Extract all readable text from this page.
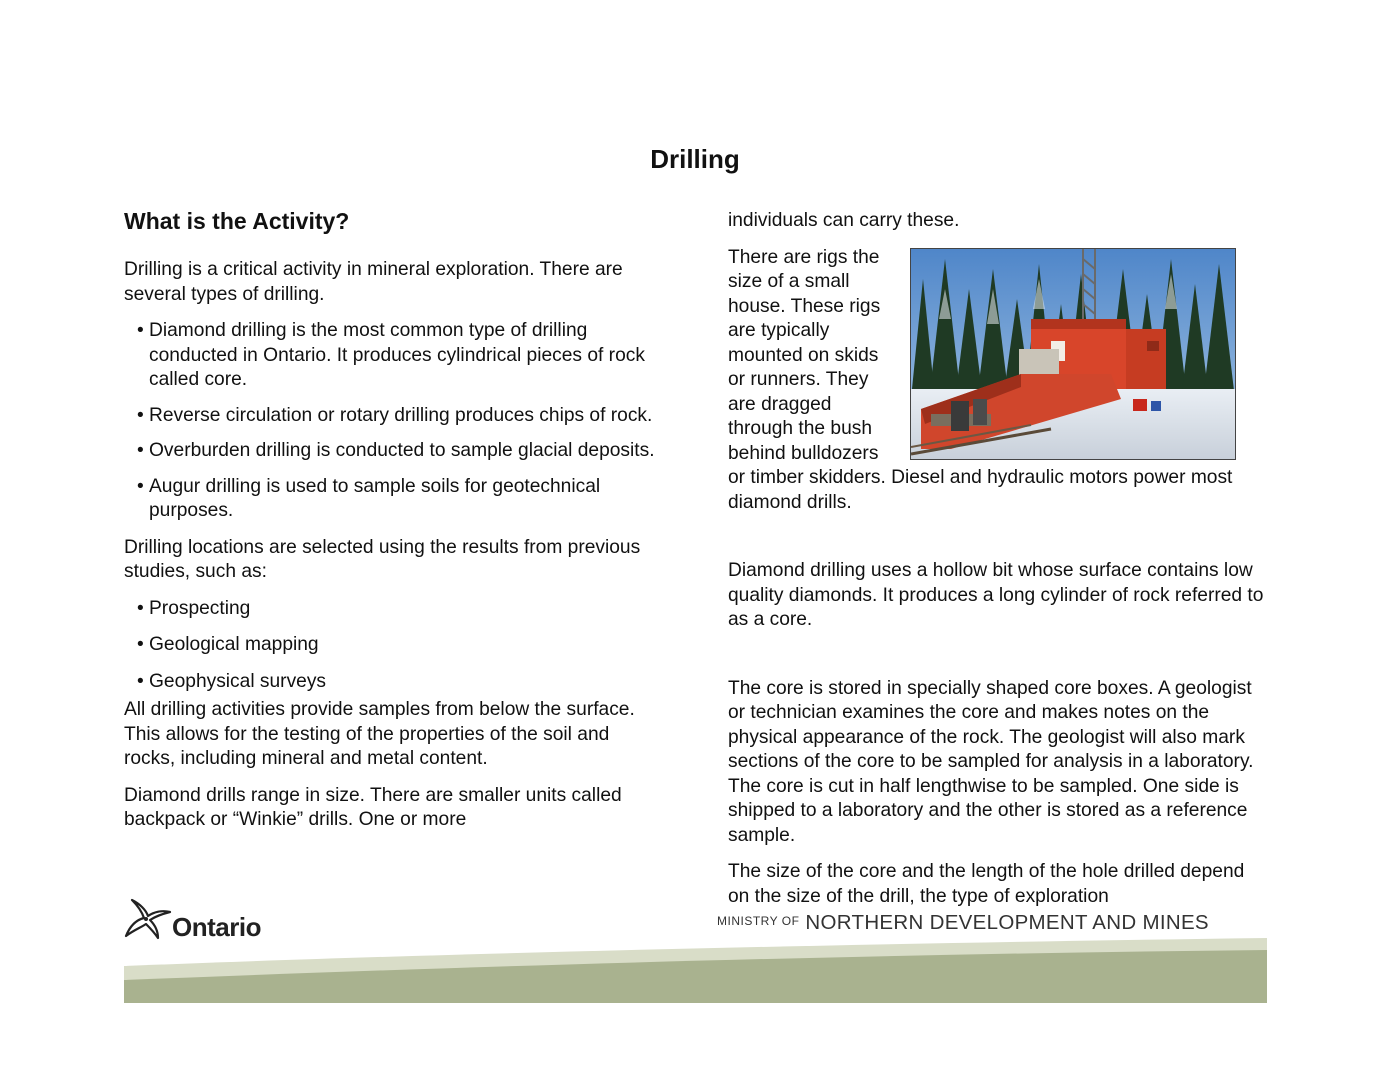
Drilling
What is the Activity?

Drilling is a critical activity in mineral exploration. There are several types of drilling.

• Diamond drilling is the most common type of drilling conducted in Ontario. It produces cylindrical pieces of rock called core.
• Reverse circulation or rotary drilling produces chips of rock.
• Overburden drilling is conducted to sample glacial deposits.
• Augur drilling is used to sample soils for geotechnical purposes.

Drilling locations are selected using the results from previous studies, such as:

• Prospecting
• Geological mapping
• Geophysical surveys

All drilling activities provide samples from below the surface. This allows for the testing of the properties of the soil and rocks, including mineral and metal content.

Diamond drills range in size. There are smaller units called backpack or “Winkie” drills. One or more

individuals can carry these.

There are rigs the size of a small house. These rigs are typically mounted on skids or runners. They are dragged through the bush behind bulldozers or timber skidders. Diesel and hydraulic motors power most diamond drills.

Diamond drilling uses a hollow bit whose surface contains low quality diamonds. It produces a long cylinder of rock referred to as a core.

The core is stored in specially shaped core boxes. A geologist or technician examines the core and makes notes on the physical appearance of the rock. The geologist will also mark sections of the core to be sampled for analysis in a laboratory. The core is cut in half lengthwise to be sampled. One side is shipped to a laboratory and the other is stored as a reference sample.

The size of the core and the length of the hole drilled depend on the size of the drill, the type of exploration

Ontario	$^{MINISTRY OF}$ NORTHERN DEVELOPMENT AND MINES
